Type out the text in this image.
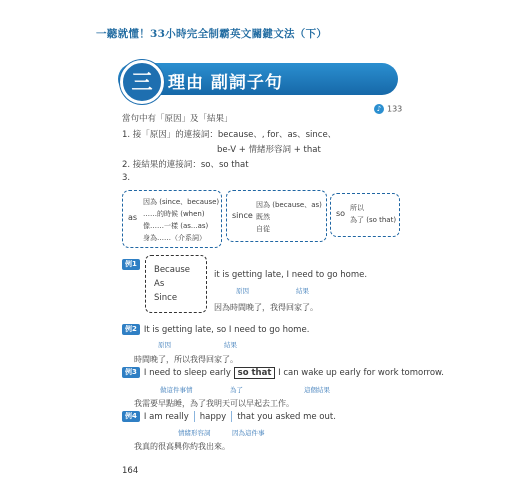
一聽就懂！33小時完全制霸英文關鍵文法（下）
三 理由 副詞子句
♪ 133
當句中有「原因」及「結果」
1. 接「原因」的連接詞：because、, for、as、since、
be-V + 情緒形容詞 + that
2. 接結果的連接詞：so、so that
3.
as
因為 (since、because)
……的時候 (when)
像……一樣 (as...as)
身為……（介系詞）
since
因為 (because、as)
既然
自從
so
所以
為了 (so that)
例1
Because
As
Since
it is getting late, I need to go home.
原因	結果
因為時間晚了，我得回家了。
例2 It is getting late, so I need to go home.
原因	結果
時間晚了，所以我得回家了。
例3 I need to sleep early so that I can wake up early for work tomorrow.
做這件事情	為了	這個結果
我需要早點睡，為了我明天可以早起去工作。
例4 I am really happy that you asked me out.
情緒形容詞	因為這件事
我真的很高興你約我出來。
164
